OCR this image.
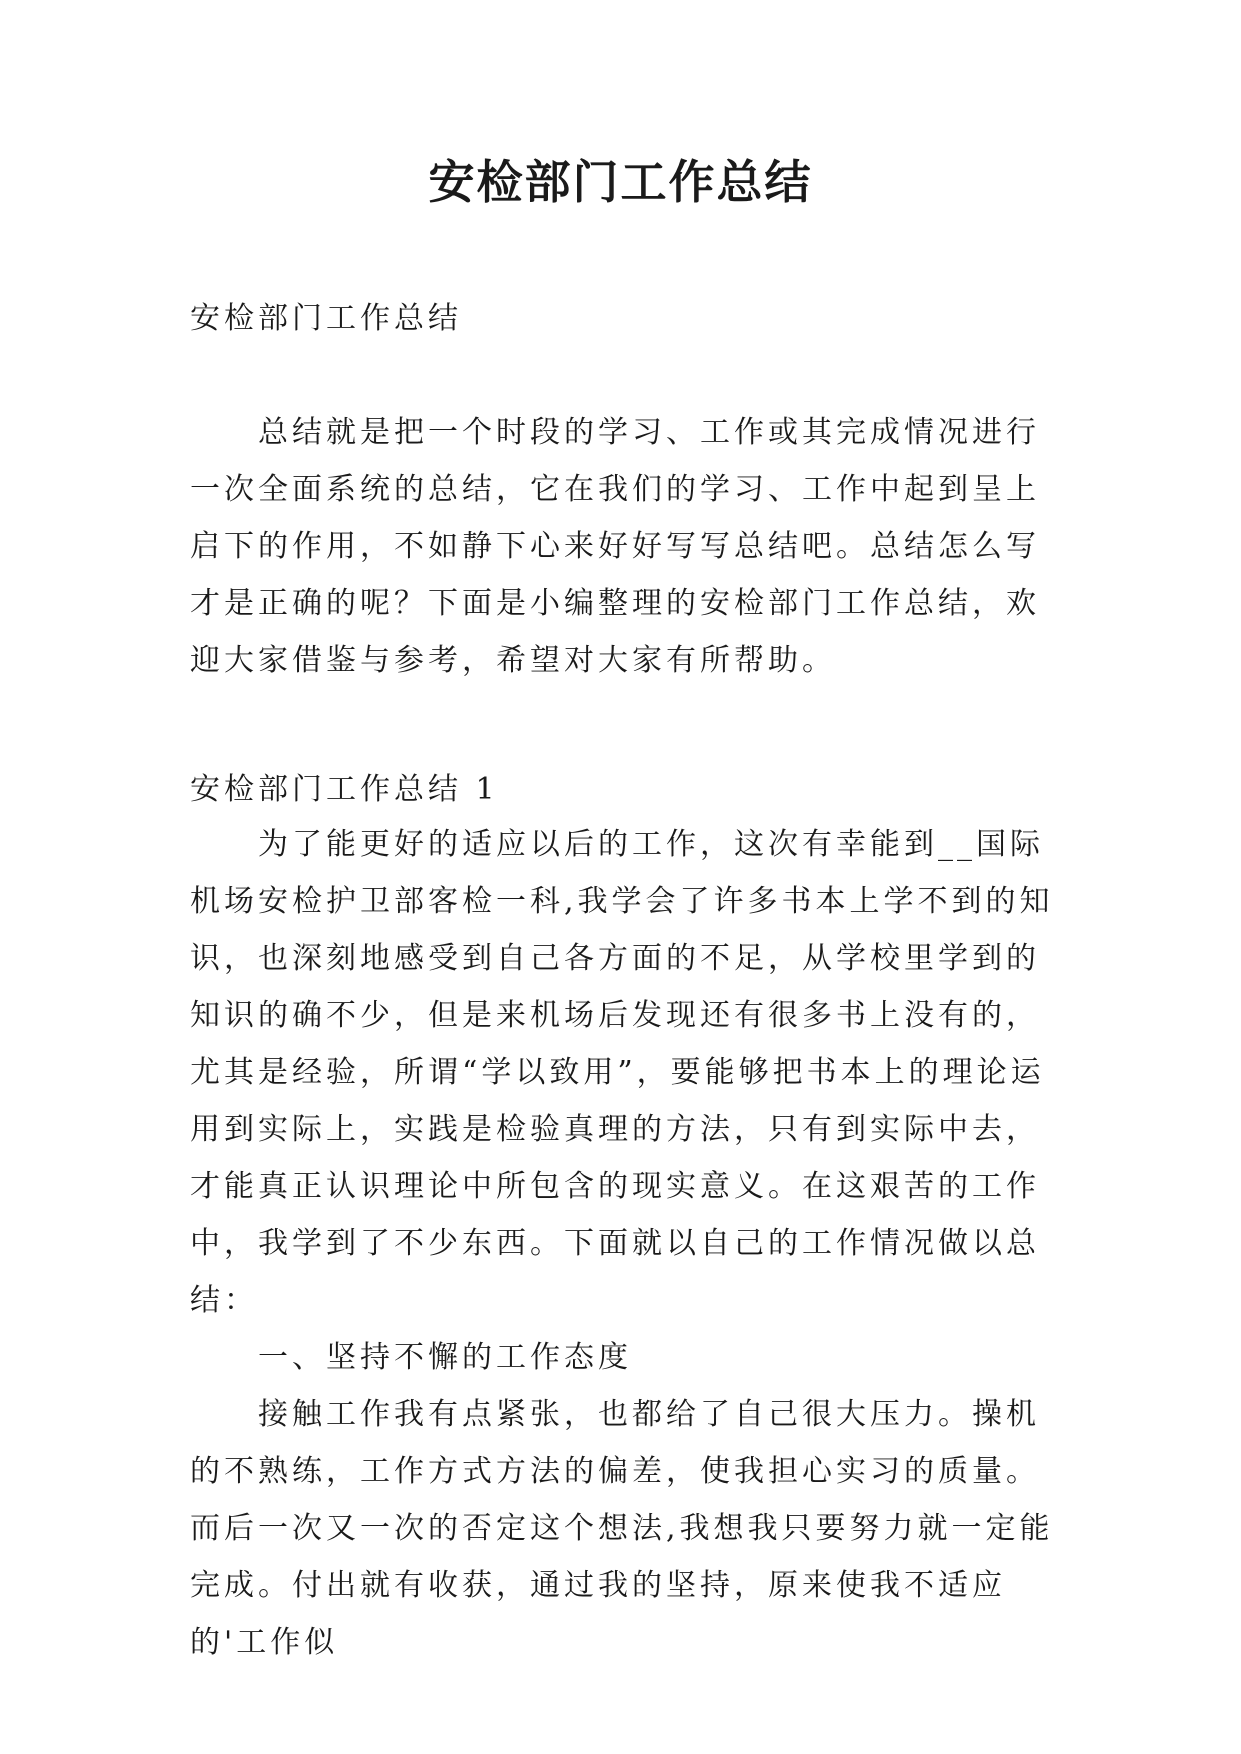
安检部门工作总结
安检部门工作总结

总结就是把一个时段的学习、工作或其完成情况进行一次全面系统的总结，它在我们的学习、工作中起到呈上启下的作用，不如静下心来好好写写总结吧。总结怎么写才是正确的呢？下面是小编整理的安检部门工作总结，欢迎大家借鉴与参考，希望对大家有所帮助。

安检部门工作总结 1

为了能更好的适应以后的工作，这次有幸能到__国际机场安检护卫部客检一科,我学会了许多书本上学不到的知识，也深刻地感受到自己各方面的不足，从学校里学到的知识的确不少，但是来机场后发现还有很多书上没有的，尤其是经验，所谓“学以致用”，要能够把书本上的理论运用到实际上，实践是检验真理的方法，只有到实际中去，才能真正认识理论中所包含的现实意义。在这艰苦的工作中，我学到了不少东西。下面就以自己的工作情况做以总结：

一、坚持不懈的工作态度

接触工作我有点紧张，也都给了自己很大压力。操机的不熟练，工作方式方法的偏差，使我担心实习的质量。而后一次又一次的否定这个想法,我想我只要努力就一定能完成。付出就有收获，通过我的坚持，原来使我不适应的'工作似
